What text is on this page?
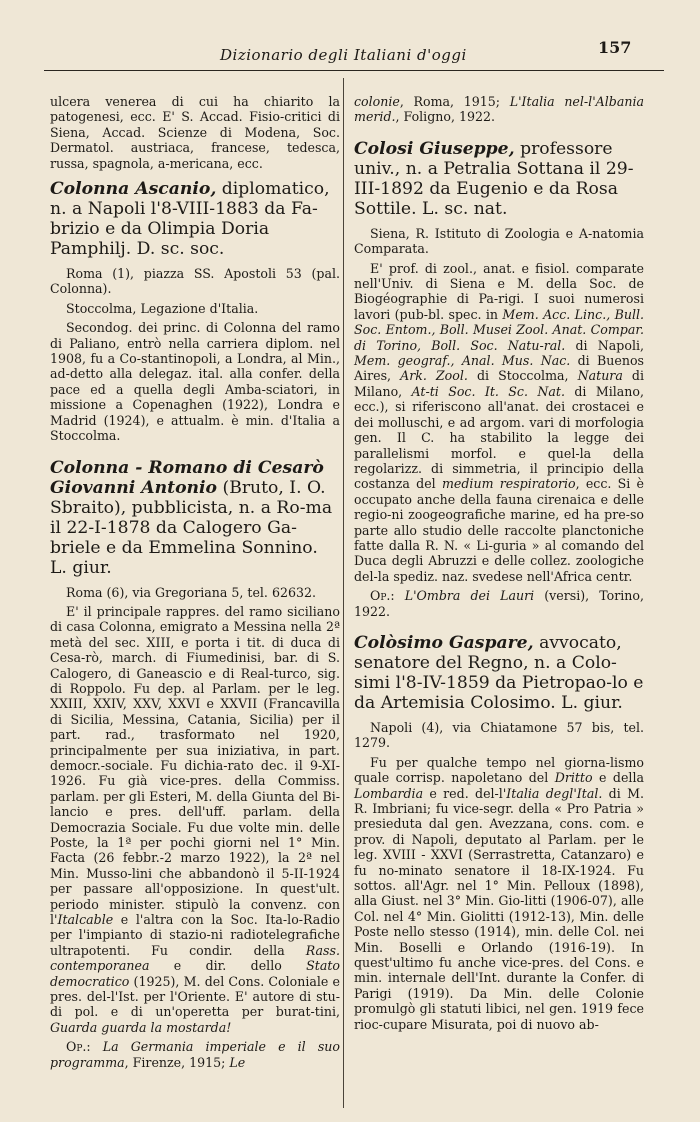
Dizionario degli Italiani d'oggi	157

ulcera venerea di cui ha chiarito la patogenesi, ecc. E' S. Accad. Fisio-critici di Siena, Accad. Scienze di Modena, Soc. Dermatol. austriaca, francese, tedesca, russa, spagnola, a-mericana, ecc.

Colonna Ascanio, diplomatico, n. a Napoli l'8-VIII-1883 da Fa-brizio e da Olimpia Doria Pamphilj. D. sc. soc.

Roma (1), piazza SS. Apostoli 53 (pal. Colonna).

Stoccolma, Legazione d'Italia.

Secondog. dei princ. di Colonna del ramo di Paliano, entrò nella carriera diplom. nel 1908, fu a Co-stantinopoli, a Londra, al Min., ad-detto alla delegaz. ital. alla confer. della pace ed a quella degli Amba-sciatori, in missione a Copenaghen (1922), Londra e Madrid (1924), e attualm. è min. d'Italia a Stoccolma.

Colonna - Romano di Cesarò Giovanni Antonio (Bruto, I. O. Sbraito), pubblicista, n. a Ro-ma il 22-I-1878 da Calogero Ga-briele e da Emmelina Sonnino. L. giur.

Roma (6), via Gregoriana 5, tel. 62632.

E' il principale rappres. del ramo siciliano di casa Colonna, emigrato a Messina nella 2ª metà del sec. XIII, e porta i tit. di duca di Cesa-rò, march. di Fiumedinisi, bar. di S. Calogero, di Ganeascio e di Real-turco, sig. di Roppolo. Fu dep. al Parlam. per le leg. XXIII, XXIV, XXV, XXVI e XXVII (Francavilla di Sicilia, Messina, Catania, Sicilia) per il part. rad., trasformato nel 1920, principalmente per sua iniziativa, in part. democr.-sociale. Fu dichia-rato dec. il 9-XI-1926. Fu già vice-pres. della Commiss. parlam. per gli Esteri, M. della Giunta del Bi-lancio e pres. dell'uff. parlam. della Democrazia Sociale. Fu due volte min. delle Poste, la 1ª per pochi giorni nel 1° Min. Facta (26 febbr.-2 marzo 1922), la 2ª nel Min. Musso-lini che abbandonò il 5-II-1924 per passare all'opposizione. In quest'ult. periodo minister. stipulò la convenz. con l'Italcable e l'altra con la Soc. Ita-lo-Radio per l'impianto di stazio-ni radiotelegrafiche ultrapotenti. Fu condir. della Rass. contemporanea e dir. dello Stato democratico (1925), M. del Cons. Coloniale e pres. del-l'Ist. per l'Oriente. E' autore di stu-di pol. e di un'operetta per burat-tini, Guarda guarda la mostarda!

Op.: La Germania imperiale e il suo programma, Firenze, 1915; Le

colonie, Roma, 1915; L'Italia nel-l'Albania merid., Foligno, 1922.

Colosi Giuseppe, professore univ., n. a Petralia Sottana il 29-III-1892 da Eugenio e da Rosa Sottile. L. sc. nat.

Siena, R. Istituto di Zoologia e A-natomia Comparata.

E' prof. di zool., anat. e fisiol. comparate nell'Univ. di Siena e M. della Soc. de Biogéographie di Pa-rigi. I suoi numerosi lavori (pub-bl. spec. in Mem. Acc. Linc., Bull. Soc. Entom., Boll. Musei Zool. Anat. Compar. di Torino, Boll. Soc. Natu-ral. di Napoli, Mem. geograf., Anal. Mus. Nac. di Buenos Aires, Ark. Zool. di Stoccolma, Natura di Milano, At-ti Soc. It. Sc. Nat. di Milano, ecc.), si riferiscono all'anat. dei crostacei e dei molluschi, e ad argom. vari di morfologia gen. Il C. ha stabilito la legge dei parallelismi morfol. e quel-la della regolarizz. di simmetria, il principio della costanza del medium respiratorio, ecc. Si è occupato anche della fauna cirenaica e delle regio-ni zoogeografiche marine, ed ha pre-so parte allo studio delle raccolte planctoniche fatte dalla R. N. « Li-guria » al comando del Duca degli Abruzzi e delle collez. zoologiche del-la spediz. naz. svedese nell'Africa centr.

Op.: L'Ombra dei Lauri (versi), Torino, 1922.

Colòsimo Gaspare, avvocato, senatore del Regno, n. a Colo-simi l'8-IV-1859 da Pietropao-lo e da Artemisia Colosimo. L. giur.

Napoli (4), via Chiatamone 57 bis, tel. 1279.

Fu per qualche tempo nel giorna-lismo quale corrisp. napoletano del Dritto e della Lombardia e red. del-l'Italia degl'Ital. di M. R. Imbriani; fu vice-segr. della « Pro Patria » presieduta dal gen. Avezzana, cons. com. e prov. di Napoli, deputato al Parlam. per le leg. XVIII - XXVI (Serrastretta, Catanzaro) e fu no-minato senatore il 18-IX-1924. Fu sottos. all'Agr. nel 1° Min. Pelloux (1898), alla Giust. nel 3° Min. Gio-litti (1906-07), alle Col. nel 4° Min. Giolitti (1912-13), Min. delle Poste nello stesso (1914), min. delle Col. nei Min. Boselli e Orlando (1916-19). In quest'ultimo fu anche vice-pres. del Cons. e min. internale dell'Int. durante la Confer. di Parigi (1919). Da Min. delle Colonie promulgò gli statuti libici, nel gen. 1919 fece rioc-cupare Misurata, poi di nuovo ab-
